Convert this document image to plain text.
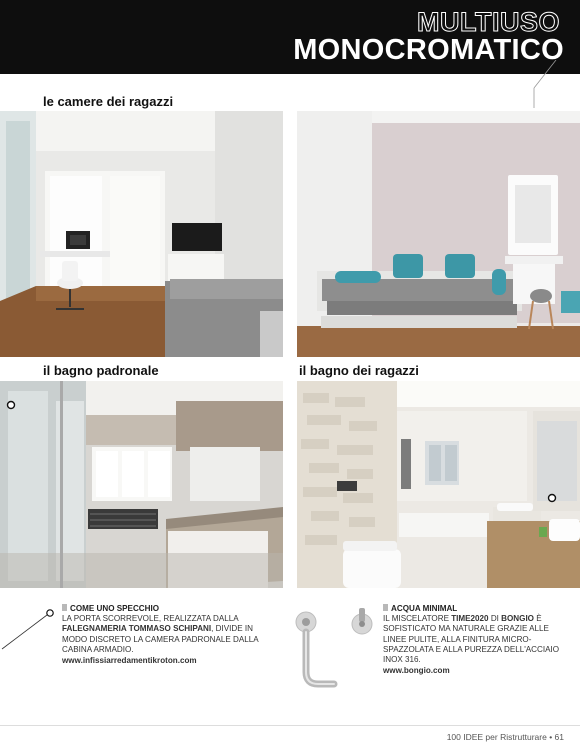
MULTIUSO
MONOCROMATICO
le camere dei ragazzi
il bagno padronale	il bagno dei ragazzi
COME UNO SPECCHIO
LA PORTA SCORREVOLE, REALIZZATA DALLA FALEGNAMERIA TOMMASO SCHIPANI, DIVIDE IN MODO DISCRETO LA CAMERA PADRONALE DALLA CABINA ARMADIO.
www.infissiarredamentikroton.com
ACQUA MINIMAL
IL MISCELATORE TIME2020 DI BONGIO È SOFISTICATO MA NATURALE GRAZIE ALLE LINEE PULITE, ALLA FINITURA MICRO-SPAZZOLATA E ALLA PUREZZA DELL'ACCIAIO INOX 316.
www.bongio.com
100 IDEE per Ristrutturare • 61
